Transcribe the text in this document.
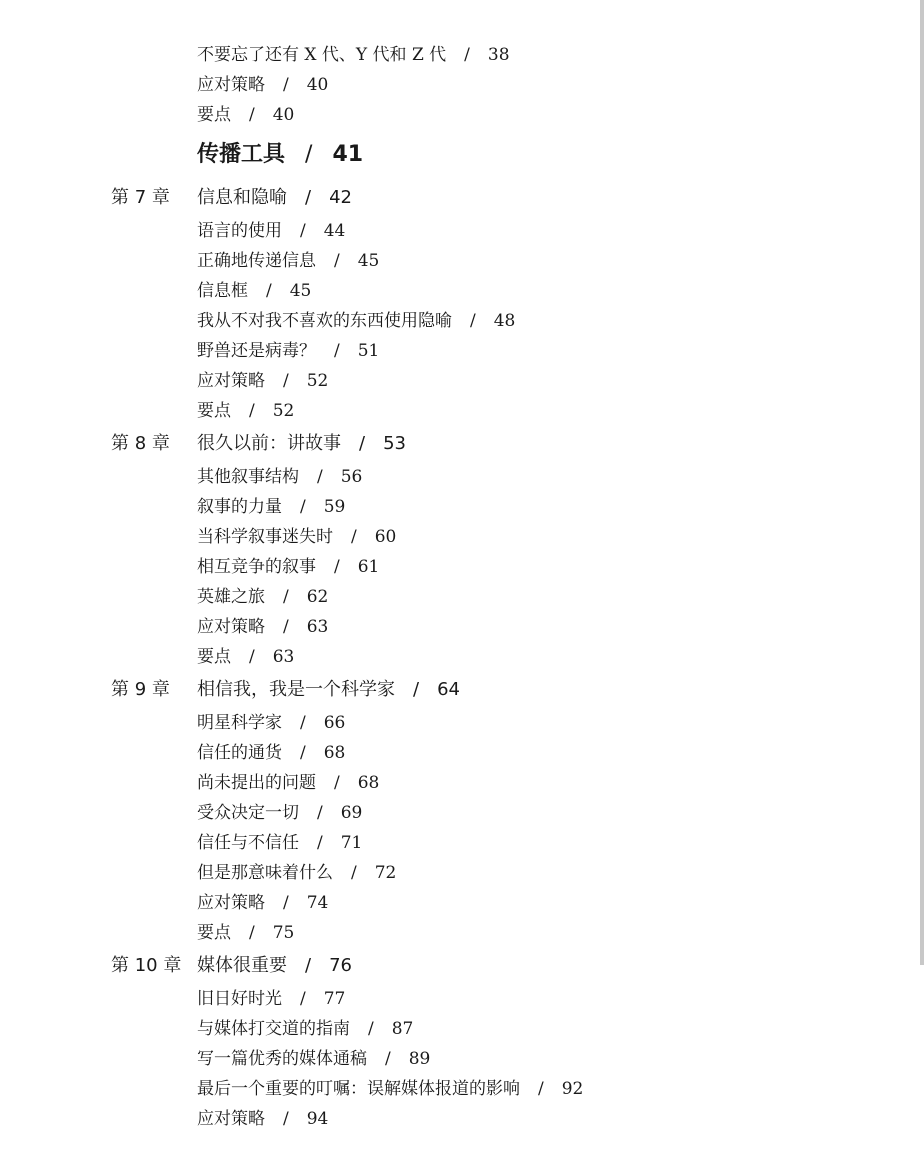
不要忘了还有 X 代、Y 代和 Z 代 / 38
应对策略 / 40
要点 / 40
传播工具 / 41
第 7 章 信息和隐喻 / 42
语言的使用 / 44
正确地传递信息 / 45
信息框 / 45
我从不对我不喜欢的东西使用隐喻 / 48
野兽还是病毒？ / 51
应对策略 / 52
要点 / 52
第 8 章 很久以前：讲故事 / 53
其他叙事结构 / 56
叙事的力量 / 59
当科学叙事迷失时 / 60
相互竞争的叙事 / 61
英雄之旅 / 62
应对策略 / 63
要点 / 63
第 9 章 相信我，我是一个科学家 / 64
明星科学家 / 66
信任的通货 / 68
尚未提出的问题 / 68
受众决定一切 / 69
信任与不信任 / 71
但是那意味着什么 / 72
应对策略 / 74
要点 / 75
第 10 章 媒体很重要 / 76
旧日好时光 / 77
与媒体打交道的指南 / 87
写一篇优秀的媒体通稿 / 89
最后一个重要的叮嘱：误解媒体报道的影响 / 92
应对策略 / 94
